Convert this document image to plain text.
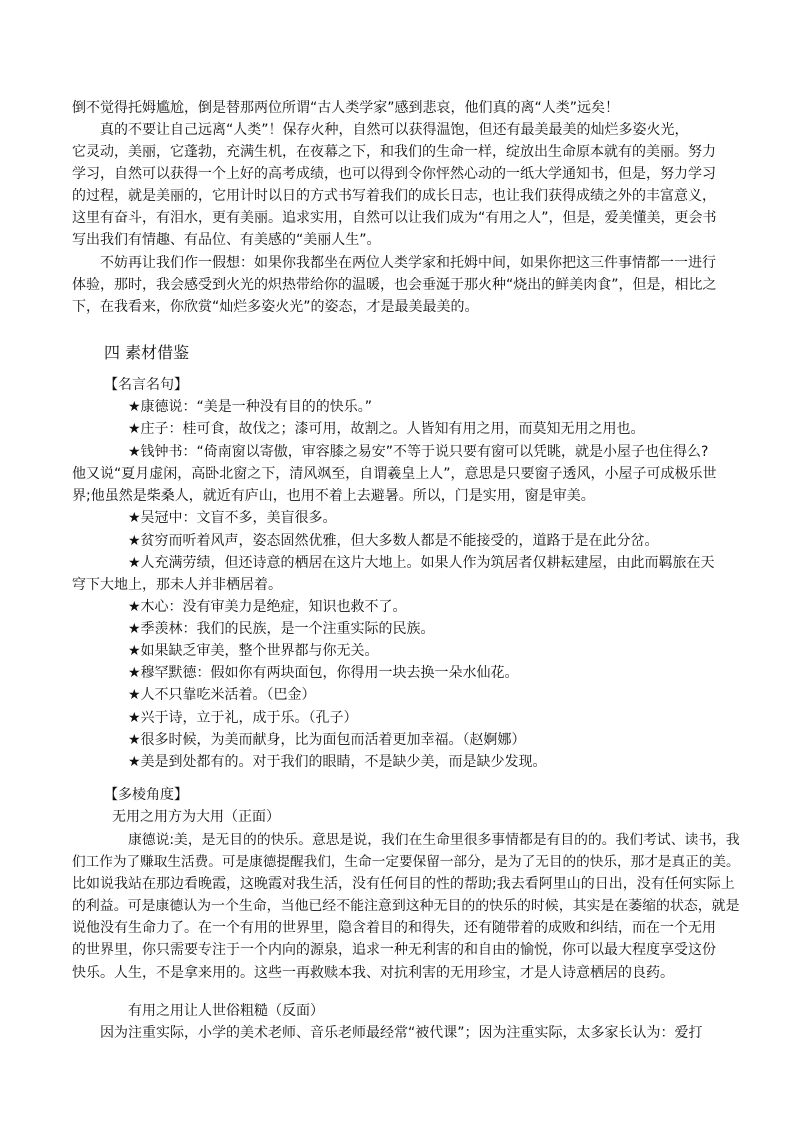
倒不觉得托姆尴尬，倒是替那两位所谓“古人类学家”感到悲哀，他们真的离“人类”远矣！
真的不要让自己远离“人类”！保存火种，自然可以获得温饱，但还有最美最美的灿烂多姿火光，
它灵动，美丽，它蓬勃，充满生机，在夜幕之下，和我们的生命一样，绽放出生命原本就有的美丽。努力
学习，自然可以获得一个上好的高考成绩，也可以得到令你怦然心动的一纸大学通知书，但是，努力学习
的过程，就是美丽的，它用计时以日的方式书写着我们的成长日志，也让我们获得成绩之外的丰富意义，
这里有奋斗，有泪水，更有美丽。追求实用，自然可以让我们成为“有用之人”，但是，爱美懂美，更会书
写出我们有情趣、有品位、有美感的“美丽人生”。
不妨再让我们作一假想：如果你我都坐在两位人类学家和托姆中间，如果你把这三件事情都一一进行
体验，那时，我会感受到火光的炽热带给你的温暖，也会垂涎于那火种“烧出的鲜美肉食”，但是，相比之
下，在我看来，你欣赏“灿烂多姿火光”的姿态，才是最美最美的。
四 素材借鉴
【名言名句】
★康德说：“美是一种没有目的的快乐。”
★庄子：桂可食，故伐之；漆可用，故割之。人皆知有用之用，而莫知无用之用也。
★钱钟书：“倚南窗以寄傲，审容膝之易安”不等于说只要有窗可以凭眺，就是小屋子也住得么?
他又说“夏月虚闲，高卧北窗之下，清风飒至，自谓羲皇上人”，意思是只要窗子透风，小屋子可成极乐世
界;他虽然是柴桑人，就近有庐山，也用不着上去避暑。所以，门是实用，窗是审美。
★吴冠中：文盲不多，美盲很多。
★贫穷而听着风声，姿态固然优雅，但大多数人都是不能接受的，道路于是在此分岔。
★人充满劳绩，但还诗意的栖居在这片大地上。如果人作为筑居者仅耕耘建屋，由此而羁旅在天
穹下大地上，那未人并非栖居着。
★木心：没有审美力是绝症，知识也救不了。
★季羡林：我们的民族，是一个注重实际的民族。
★如果缺乏审美，整个世界都与你无关。
★穆罕默德：假如你有两块面包，你得用一块去换一朵水仙花。
★人不只靠吃米活着。（巴金）
★兴于诗，立于礼，成于乐。（孔子）
★很多时候，为美而献身，比为面包而活着更加幸福。（赵婀娜）
★美是到处都有的。对于我们的眼睛，不是缺少美，而是缺少发现。
【多棱角度】
无用之用方为大用（正面）
康德说:美，是无目的的快乐。意思是说，我们在生命里很多事情都是有目的的。我们考试、读书，我
们工作为了赚取生活费。可是康德提醒我们，生命一定要保留一部分，是为了无目的的快乐，那才是真正的美。
比如说我站在那边看晚霞，这晚霞对我生活，没有任何目的性的帮助;我去看阿里山的日出，没有任何实际上
的利益。可是康德认为一个生命，当他已经不能注意到这种无目的的快乐的时候，其实是在萎缩的状态，就是
说他没有生命力了。在一个有用的世界里，隐含着目的和得失，还有随带着的成败和纠结，而在一个无用
的世界里，你只需要专注于一个内向的源泉，追求一种无利害的和自由的愉悦，你可以最大程度享受这份
快乐。人生，不是拿来用的。这些一再救赎本我、对抗利害的无用珍宝，才是人诗意栖居的良药。
有用之用让人世俗粗糙（反面）
因为注重实际，小学的美术老师、音乐老师最经常“被代课”；因为注重实际，太多家长认为：爱打
